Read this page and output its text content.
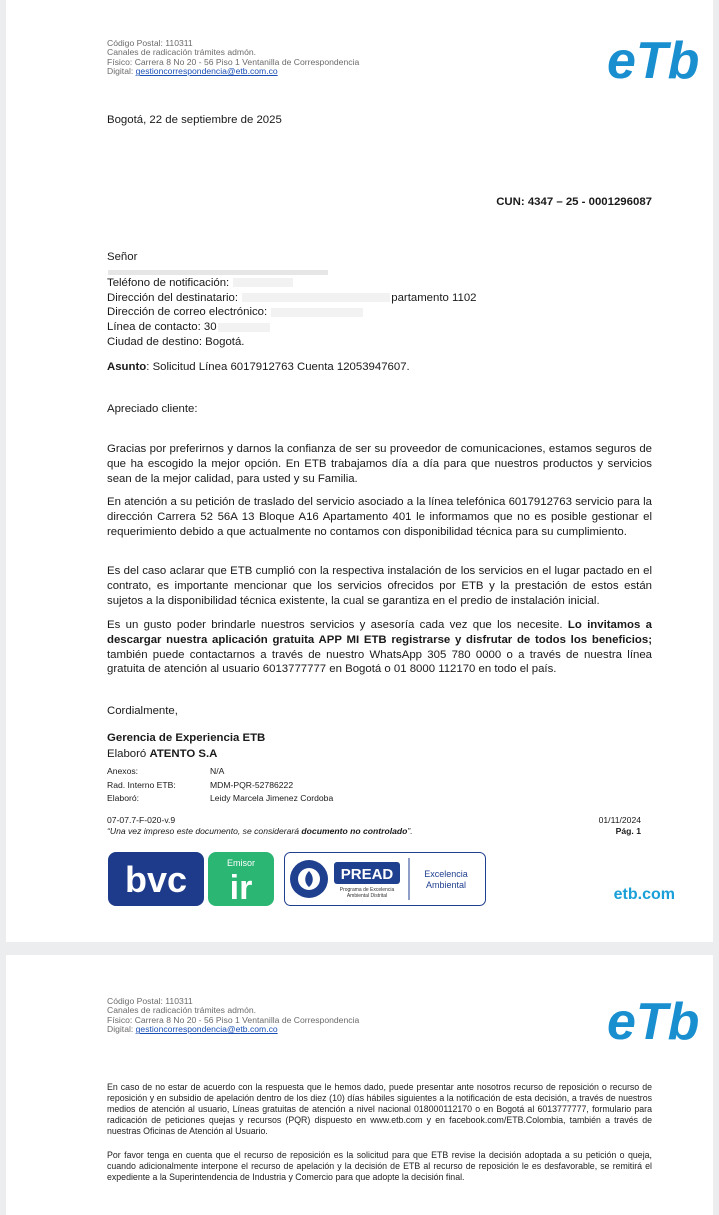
Código Postal: 110311
Canales de radicación trámites admón.
Físico: Carrera 8 No 20 - 56 Piso 1 Ventanilla de Correspondencia
Digital: gestioncorrespondencia@etb.com.co	eTb
Bogotá, 22 de septiembre de 2025
CUN: 4347 – 25 - 0001296087
Señor
Teléfono de notificación:
Dirección del destinatario:	partamento 1102
Dirección de correo electrónico:
Línea de contacto: 30
Ciudad de destino: Bogotá.
Asunto: Solicitud Línea 6017912763 Cuenta 12053947607.
Apreciado cliente:
Gracias por preferirnos y darnos la confianza de ser su proveedor de comunicaciones, estamos seguros de que ha escogido la mejor opción. En ETB trabajamos día a día para que nuestros productos y servicios sean de la mejor calidad, para usted y su Familia.
En atención a su petición de traslado del servicio asociado a la línea telefónica 6017912763 servicio para la dirección Carrera 52 56A 13 Bloque A16 Apartamento 401 le informamos que no es posible gestionar el requerimiento debido a que actualmente no contamos con disponibilidad técnica para su cumplimiento.
Es del caso aclarar que ETB cumplió con la respectiva instalación de los servicios en el lugar pactado en el contrato, es importante mencionar que los servicios ofrecidos por ETB y la prestación de estos están sujetos a la disponibilidad técnica existente, la cual se garantiza en el predio de instalación inicial.
Es un gusto poder brindarle nuestros servicios y asesoría cada vez que los necesite. Lo invitamos a descargar nuestra aplicación gratuita APP MI ETB registrarse y disfrutar de todos los beneficios; también puede contactarnos a través de nuestro WhatsApp 305 780 0000 o a través de nuestra línea gratuita de atención al usuario 6013777777 en Bogotá o 01 8000 112170 en todo el país.
Cordialmente,
Gerencia de Experiencia ETB
Elaboró ATENTO S.A
Anexos:	N/A
Rad. Interno ETB:	MDM-PQR-52786222
Elaboró:	Leidy Marcela Jimenez Cordoba
07-07.7-F-020-v.9
“Una vez impreso este documento, se considerará documento no controlado”.
01/11/2024
Pág. 1
bvc	Emisor
ir	PREAD
Programa de Excelencia
Ambiental Distrital
Excelencia
Ambiental
etb.com
Código Postal: 110311
Canales de radicación trámites admón.
Físico: Carrera 8 No 20 - 56 Piso 1 Ventanilla de Correspondencia
Digital: gestioncorrespondencia@etb.com.co	eTb
En caso de no estar de acuerdo con la respuesta que le hemos dado, puede presentar ante nosotros recurso de reposición o recurso de reposición y en subsidio de apelación dentro de los diez (10) días hábiles siguientes a la notificación de esta decisión, a través de nuestros medios de atención al usuario, Líneas gratuitas de atención a nivel nacional 018000112170 o en Bogotá al 6013777777, formulario para radicación de peticiones quejas y recursos (PQR) dispuesto en www.etb.com y en facebook.com/ETB.Colombia, también a través de nuestras Oficinas de Atención al Usuario.
Por favor tenga en cuenta que el recurso de reposición es la solicitud para que ETB revise la decisión adoptada a su petición o queja, cuando adicionalmente interpone el recurso de apelación y la decisión de ETB al recurso de reposición le es desfavorable, se remitirá el expediente a la Superintendencia de Industria y Comercio para que adopte la decisión final.
